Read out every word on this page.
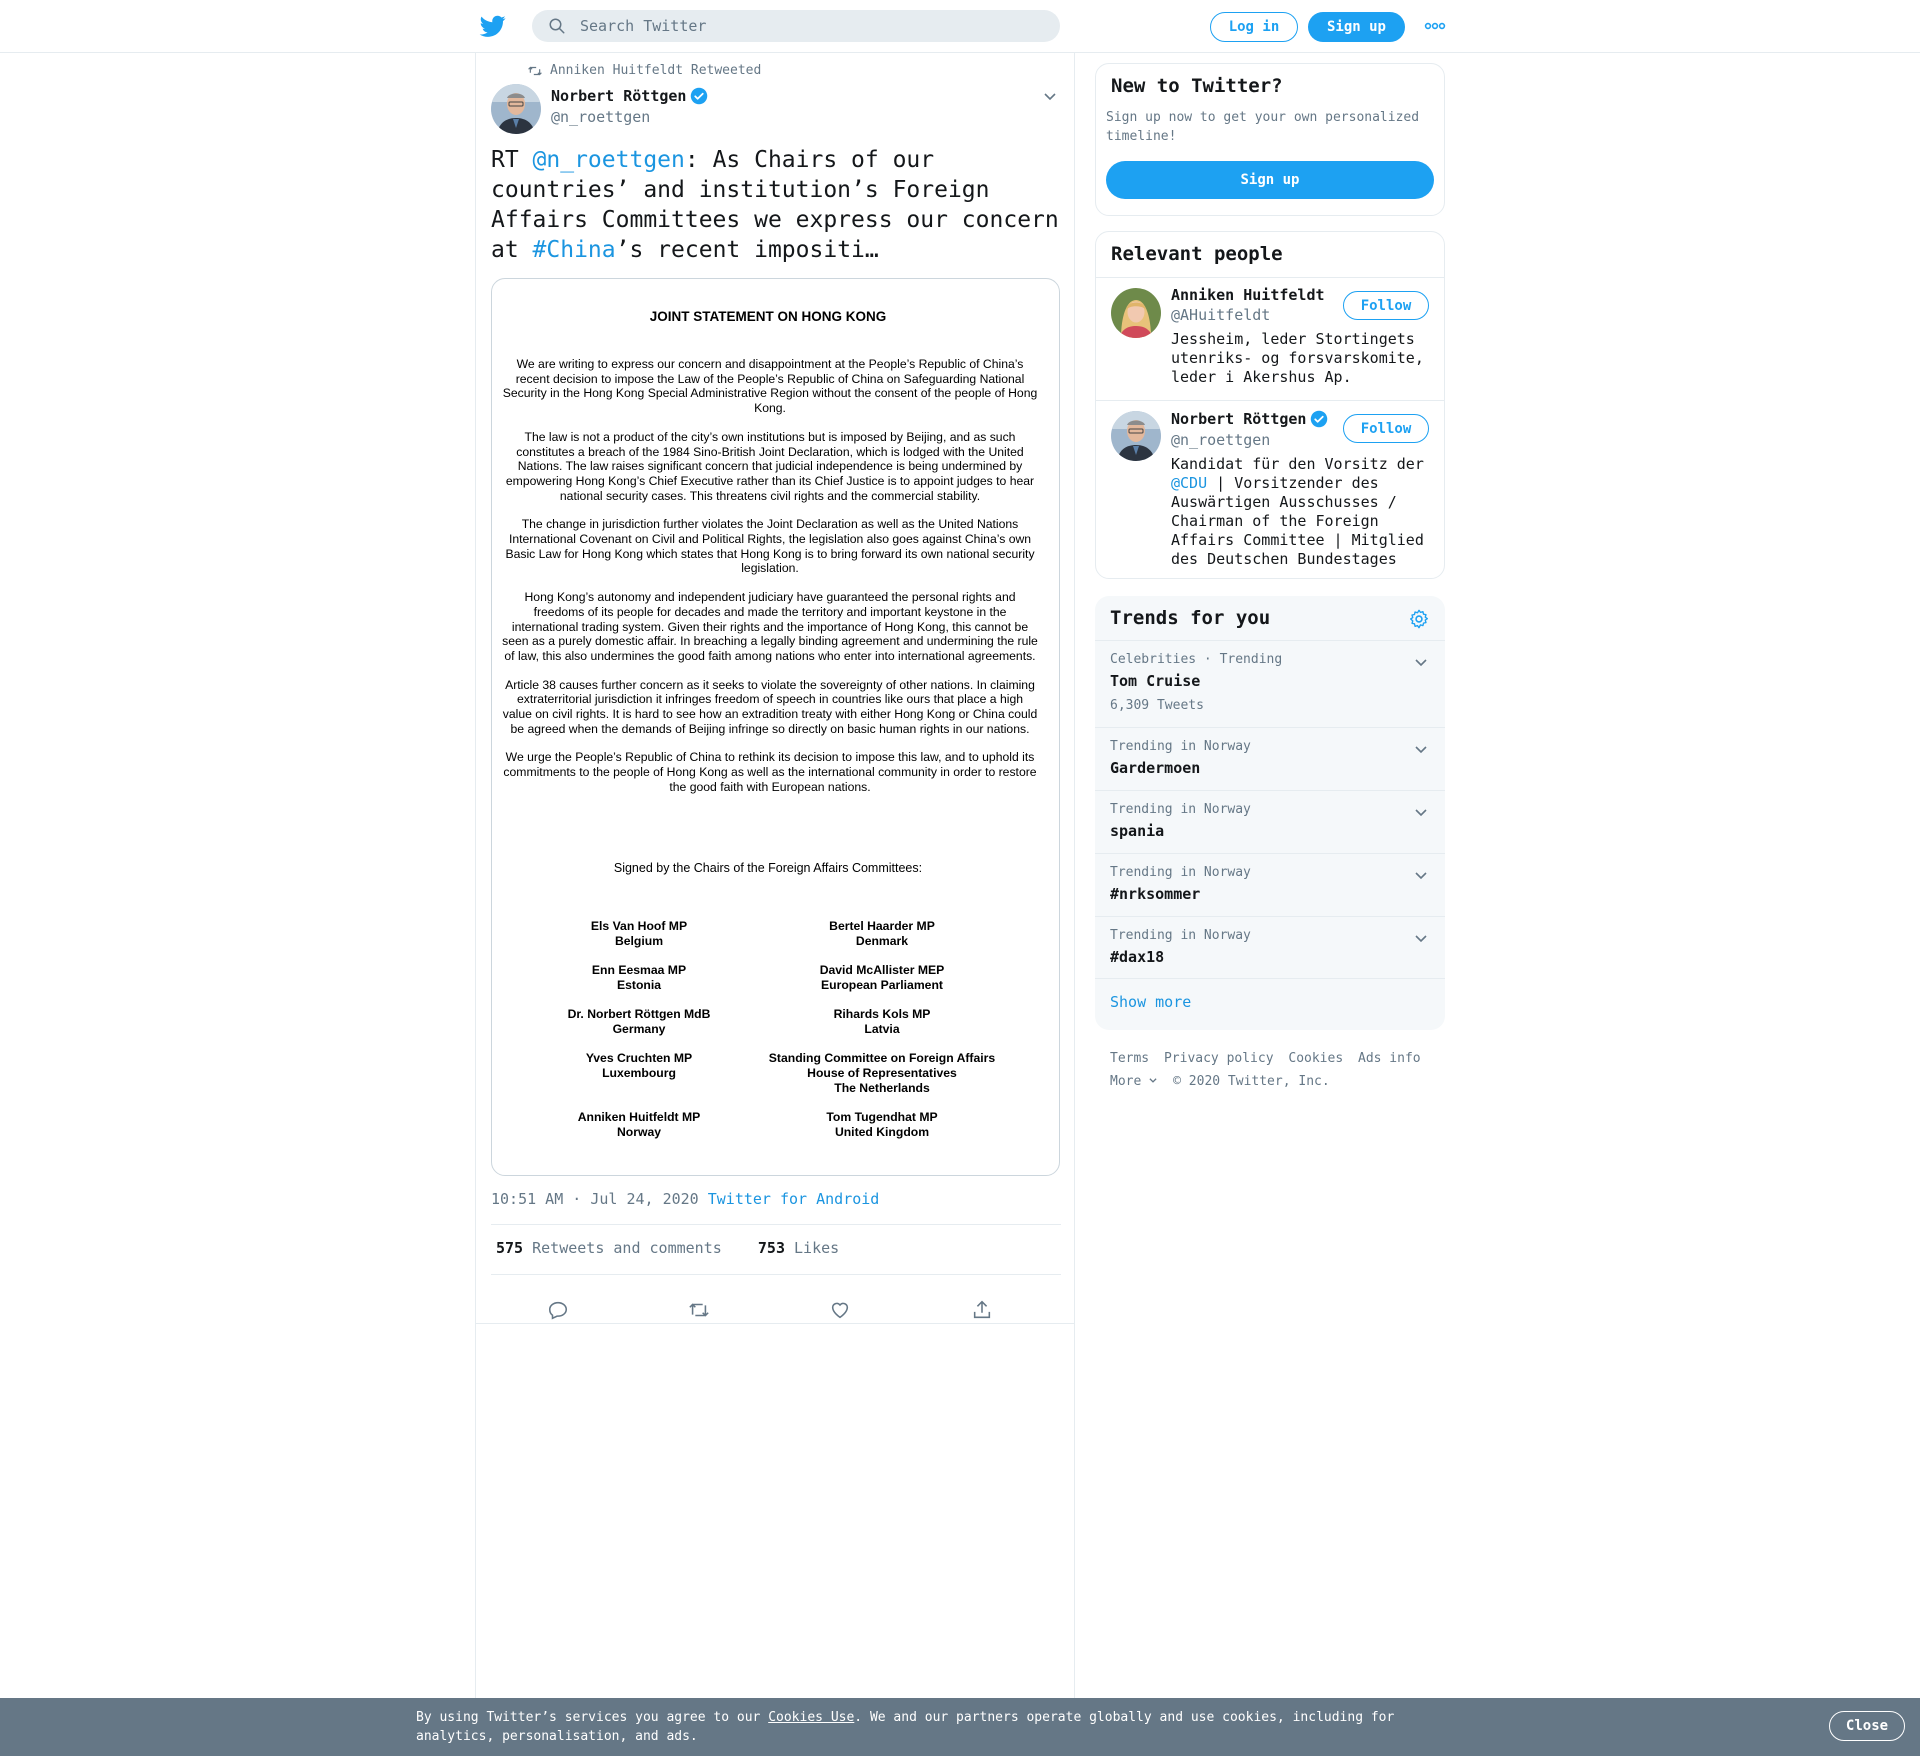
Search Twitter
Log in	Sign up
Anniken Huitfeldt Retweeted
Norbert Röttgen
@n_roettgen
RT @n_roettgen: As Chairs of our countries’ and institution’s Foreign Affairs Committees we express our concern at #China’s recent impositi…
JOINT STATEMENT ON HONG KONG

We are writing to express our concern and disappointment at the People’s Republic of China’s recent decision to impose the Law of the People’s Republic of China on Safeguarding National Security in the Hong Kong Special Administrative Region without the consent of the people of Hong Kong.

The law is not a product of the city’s own institutions but is imposed by Beijing, and as such constitutes a breach of the 1984 Sino-British Joint Declaration, which is lodged with the United Nations. The law raises significant concern that judicial independence is being undermined by empowering Hong Kong’s Chief Executive rather than its Chief Justice is to appoint judges to hear national security cases. This threatens civil rights and the commercial stability.

The change in jurisdiction further violates the Joint Declaration as well as the United Nations International Covenant on Civil and Political Rights, the legislation also goes against China’s own Basic Law for Hong Kong which states that Hong Kong is to bring forward its own national security legislation.

Hong Kong’s autonomy and independent judiciary have guaranteed the personal rights and freedoms of its people for decades and made the territory and important keystone in the international trading system. Given their rights and the importance of Hong Kong, this cannot be seen as a purely domestic affair. In breaching a legally binding agreement and undermining the rule of law, this also undermines the good faith among nations who enter into international agreements.

Article 38 causes further concern as it seeks to violate the sovereignty of other nations. In claiming extraterritorial jurisdiction it infringes freedom of speech in countries like ours that place a high value on civil rights. It is hard to see how an extradition treaty with either Hong Kong or China could be agreed when the demands of Beijing infringe so directly on basic human rights in our nations.

We urge the People’s Republic of China to rethink its decision to impose this law, and to uphold its commitments to the people of Hong Kong as well as the international community in order to restore the good faith with European nations.

Signed by the Chairs of the Foreign Affairs Committees:
Els Van Hoof MP
Belgium
Bertel Haarder MP
Denmark
Enn Eesmaa MP
Estonia
David McAllister MEP
European Parliament
Dr. Norbert Röttgen MdB
Germany
Rihards Kols MP
Latvia
Yves Cruchten MP
Luxembourg
Standing Committee on Foreign Affairs House of Representatives
The Netherlands
Anniken Huitfeldt MP
Norway
Tom Tugendhat MP
United Kingdom
10:51 AM · Jul 24, 2020 Twitter for Android
575 Retweets and comments 753 Likes
New to Twitter?

Sign up now to get your own personalized timeline!

Sign up
Relevant people
Anniken Huitfeldt
@AHuitfeldt
Jessheim, leder Stortingets utenriks- og forsvarskomite, leder i Akershus Ap.
Follow
Norbert Röttgen
@n_roettgen
Kandidat für den Vorsitz der @CDU | Vorsitzender des Auswärtigen Ausschusses / Chairman of the Foreign Affairs Committee | Mitglied des Deutschen Bundestages
Follow
Trends for you
Celebrities · Trending
Tom Cruise
6,309 Tweets
Trending in Norway
Gardermoen
Trending in Norway
spania
Trending in Norway
#nrksommer
Trending in Norway
#dax18
Show more
Terms Privacy policy Cookies Ads info
More © 2020 Twitter, Inc.
By using Twitter’s services you agree to our Cookies Use. We and our partners operate globally and use cookies, including for analytics, personalisation, and ads.
Close
